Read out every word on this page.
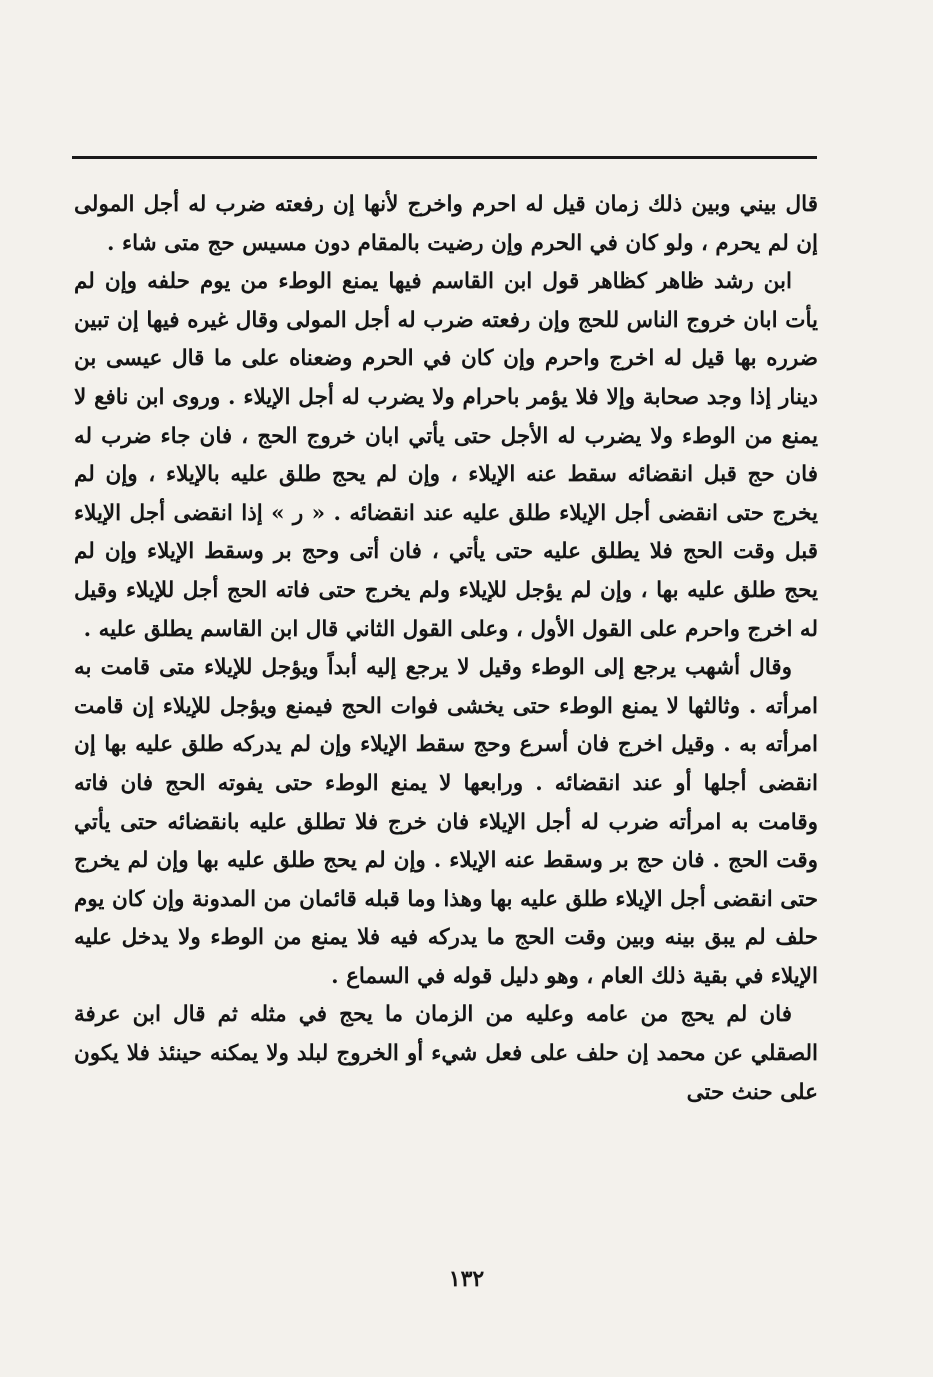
قال بيني وبين ذلك زمان قيل له احرم واخرج لأنها إن رفعته ضرب له أجل المولى إن لم يحرم ، ولو كان في الحرم وإن رضيت بالمقام دون مسيس حج متى شاء .

ابن رشد ظاهر كظاهر قول ابن القاسم فيها يمنع الوطء من يوم حلفه وإن لم يأت ابان خروج الناس للحج وإن رفعته ضرب له أجل المولى وقال غيره فيها إن تبين ضرره بها قيل له اخرج واحرم وإن كان في الحرم وضعناه على ما قال عيسى بن دينار إذا وجد صحابة وإلا فلا يؤمر باحرام ولا يضرب له أجل الإيلاء . وروى ابن نافع لا يمنع من الوطء ولا يضرب له الأجل حتى يأتي ابان خروج الحج ، فان جاء ضرب له فان حج قبل انقضائه سقط عنه الإيلاء ، وإن لم يحج طلق عليه بالإيلاء ، وإن لم يخرج حتى انقضى أجل الإيلاء طلق عليه عند انقضائه . « ر » إذا انقضى أجل الإيلاء قبل وقت الحج فلا يطلق عليه حتى يأتي ، فان أتى وحج بر وسقط الإيلاء وإن لم يحج طلق عليه بها ، وإن لم يؤجل للإيلاء ولم يخرج حتى فاته الحج أجل للإيلاء وقيل له اخرج واحرم على القول الأول ، وعلى القول الثاني قال ابن القاسم يطلق عليه .

وقال أشهب يرجع إلى الوطء وقيل لا يرجع إليه أبداً ويؤجل للإيلاء متى قامت به امرأته . وثالثها لا يمنع الوطء حتى يخشى فوات الحج فيمنع ويؤجل للإيلاء إن قامت امرأته به . وقيل اخرج فان أسرع وحج سقط الإيلاء وإن لم يدركه طلق عليه بها إن انقضى أجلها أو عند انقضائه . ورابعها لا يمنع الوطء حتى يفوته الحج فان فاته وقامت به امرأته ضرب له أجل الإيلاء فان خرج فلا تطلق عليه بانقضائه حتى يأتي وقت الحج . فان حج بر وسقط عنه الإيلاء . وإن لم يحج طلق عليه بها وإن لم يخرج حتى انقضى أجل الإيلاء طلق عليه بها وهذا وما قبله قائمان من المدونة وإن كان يوم حلف لم يبق بينه وبين وقت الحج ما يدركه فيه فلا يمنع من الوطء ولا يدخل عليه الإيلاء في بقية ذلك العام ، وهو دليل قوله في السماع .

فان لم يحج من عامه وعليه من الزمان ما يحج في مثله ثم قال ابن عرفة الصقلي عن محمد إن حلف على فعل شيء أو الخروج لبلد ولا يمكنه حينئذ فلا يكون على حنث حتى

١٣٢
